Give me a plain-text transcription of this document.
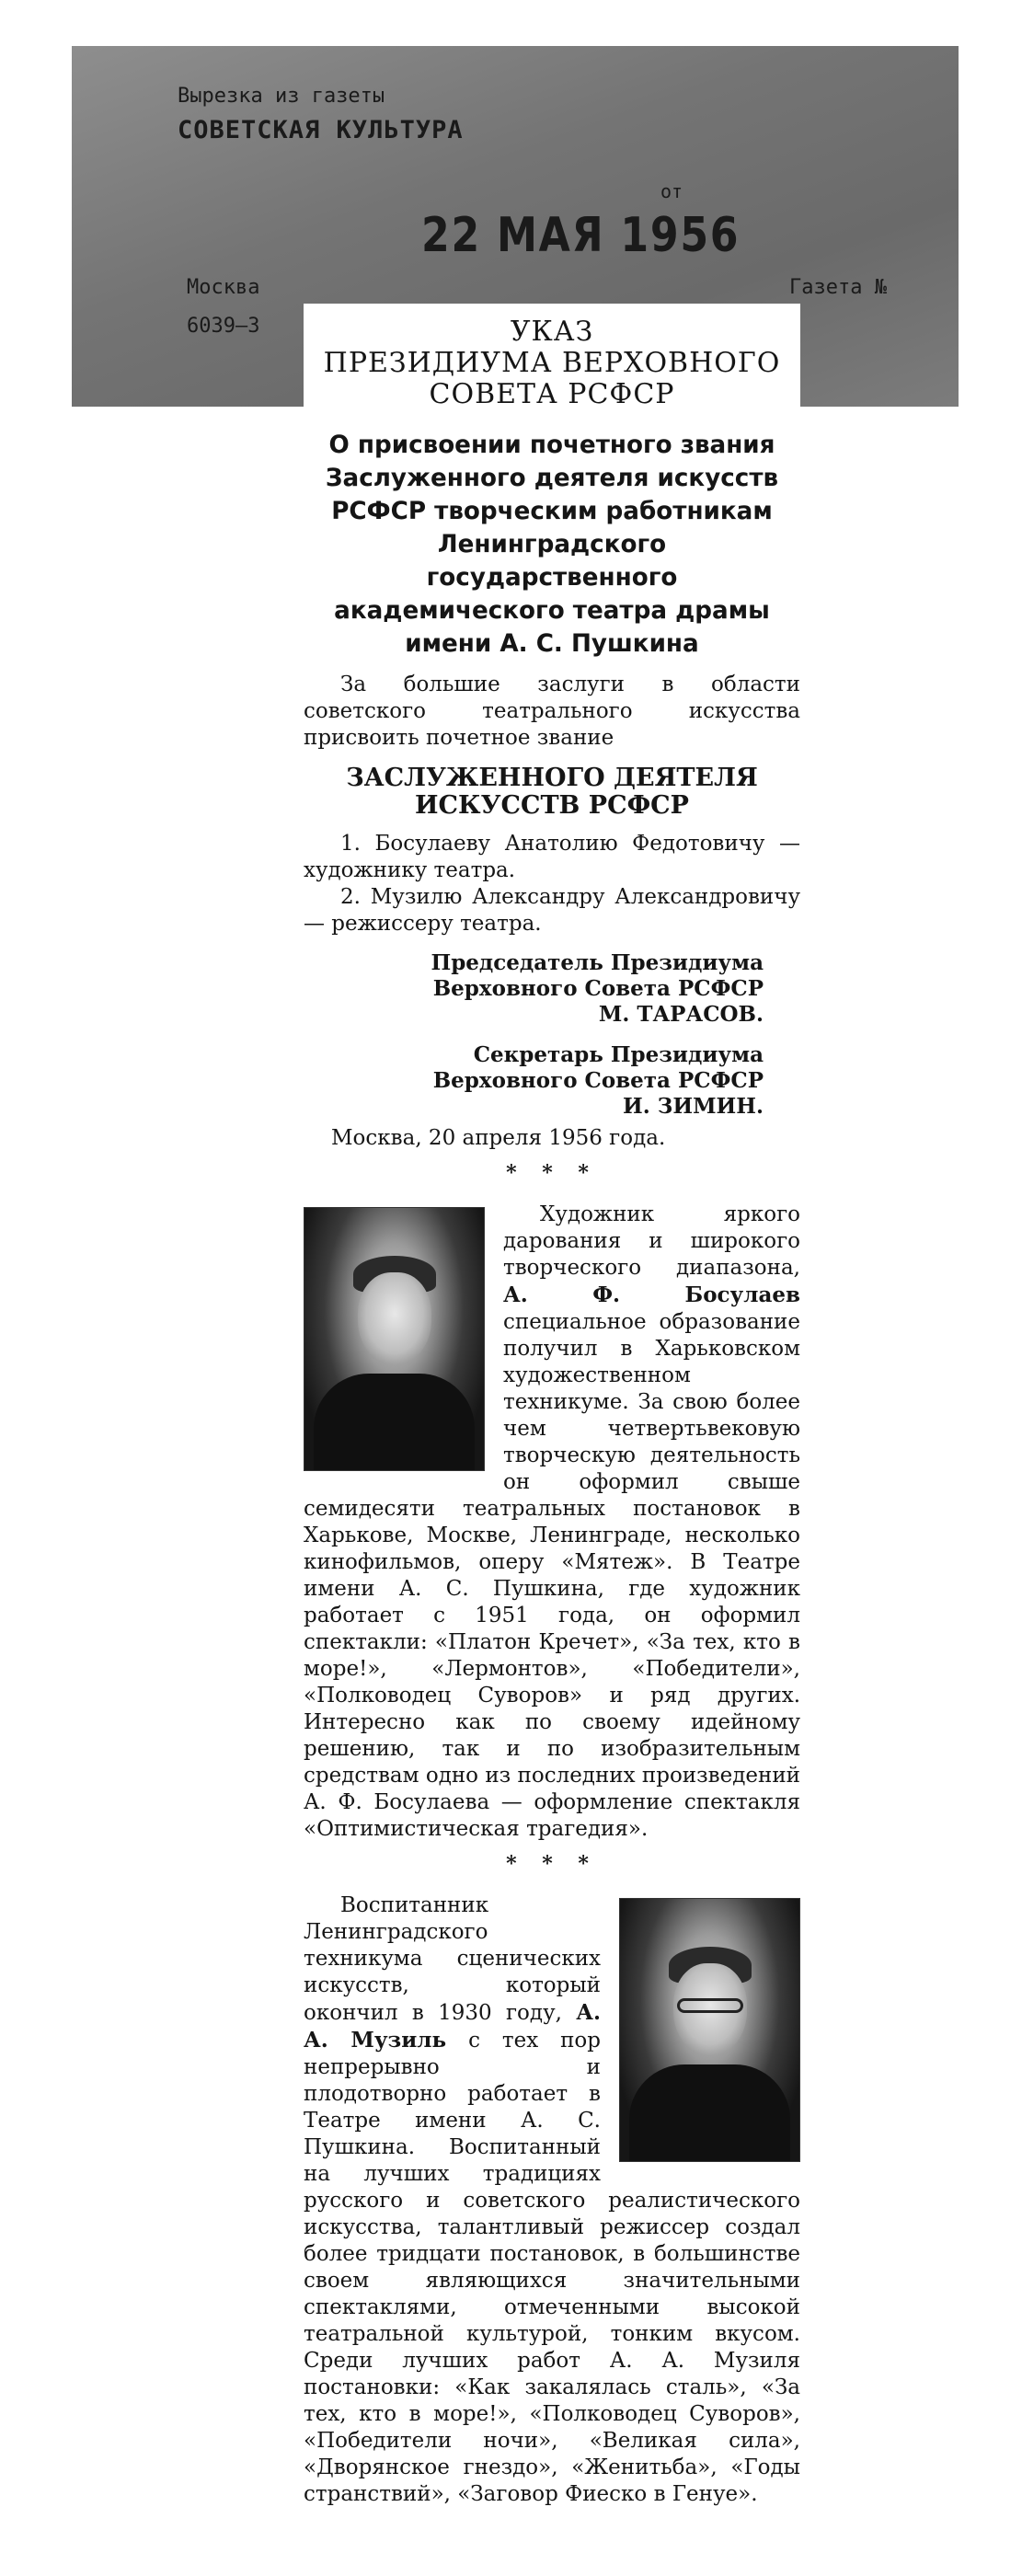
Вырезка из газеты
СОВЕТСКАЯ КУЛЬТУРА
от
22 МАЯ 1956
Москва
6039—3
Газета №
УКАЗ
ПРЕЗИДИУМА ВЕРХОВНОГО
СОВЕТА РСФСР
О присвоении почетного звания Заслуженного деятеля искусств РСФСР творческим работникам Ленинградского государственного академического театра драмы имени А. С. Пушкина

За большие заслуги в области советского театрального искусства присвоить почетное звание

ЗАСЛУЖЕННОГО ДЕЯТЕЛЯ
ИСКУССТВ РСФСР

1. Босулаеву Анатолию Федотовичу — художнику театра.

2. Музилю Александру Александровичу — режиссеру театра.

Председатель Президиума
Верховного Совета РСФСР
М. ТАРАСОВ.
Секретарь Президиума
Верховного Совета РСФСР
И. ЗИМИН.

Москва, 20 апреля 1956 года.

* * *

Художник яркого дарования и широкого творческого диапазона, А. Ф. Босулаев специальное образование получил в Харьковском художественном техникуме. За свою более чем четвертьвековую творческую деятельность он оформил свыше семидесяти театральных постановок в Харькове, Москве, Ленинграде, несколько кинофильмов, оперу «Мятеж». В Театре имени А. С. Пушкина, где художник работает с 1951 года, он оформил спектакли: «Платон Кречет», «За тех, кто в море!», «Лермонтов», «Победители», «Полководец Суворов» и ряд других. Интересно как по своему идейному решению, так и по изобразительным средствам одно из последних произведений А. Ф. Босулаева — оформление спектакля «Оптимистическая трагедия».

* * *

Воспитанник Ленинградского техникума сценических искусств, который окончил в 1930 году, А. А. Музиль с тех пор непрерывно и плодотворно работает в Театре имени А. С. Пушкина. Воспитанный на лучших традициях русского и советского реалистического искусства, талантливый режиссер создал более тридцати постановок, в большинстве своем являющихся значительными спектаклями, отмеченными высокой театральной культурой, тонким вкусом. Среди лучших работ А. А. Музиля постановки: «Как закалялась сталь», «За тех, кто в море!», «Полководец Суворов», «Победители ночи», «Великая сила», «Дворянское гнездо», «Женитьба», «Годы странствий», «Заговор Фиеско в Генуе».
